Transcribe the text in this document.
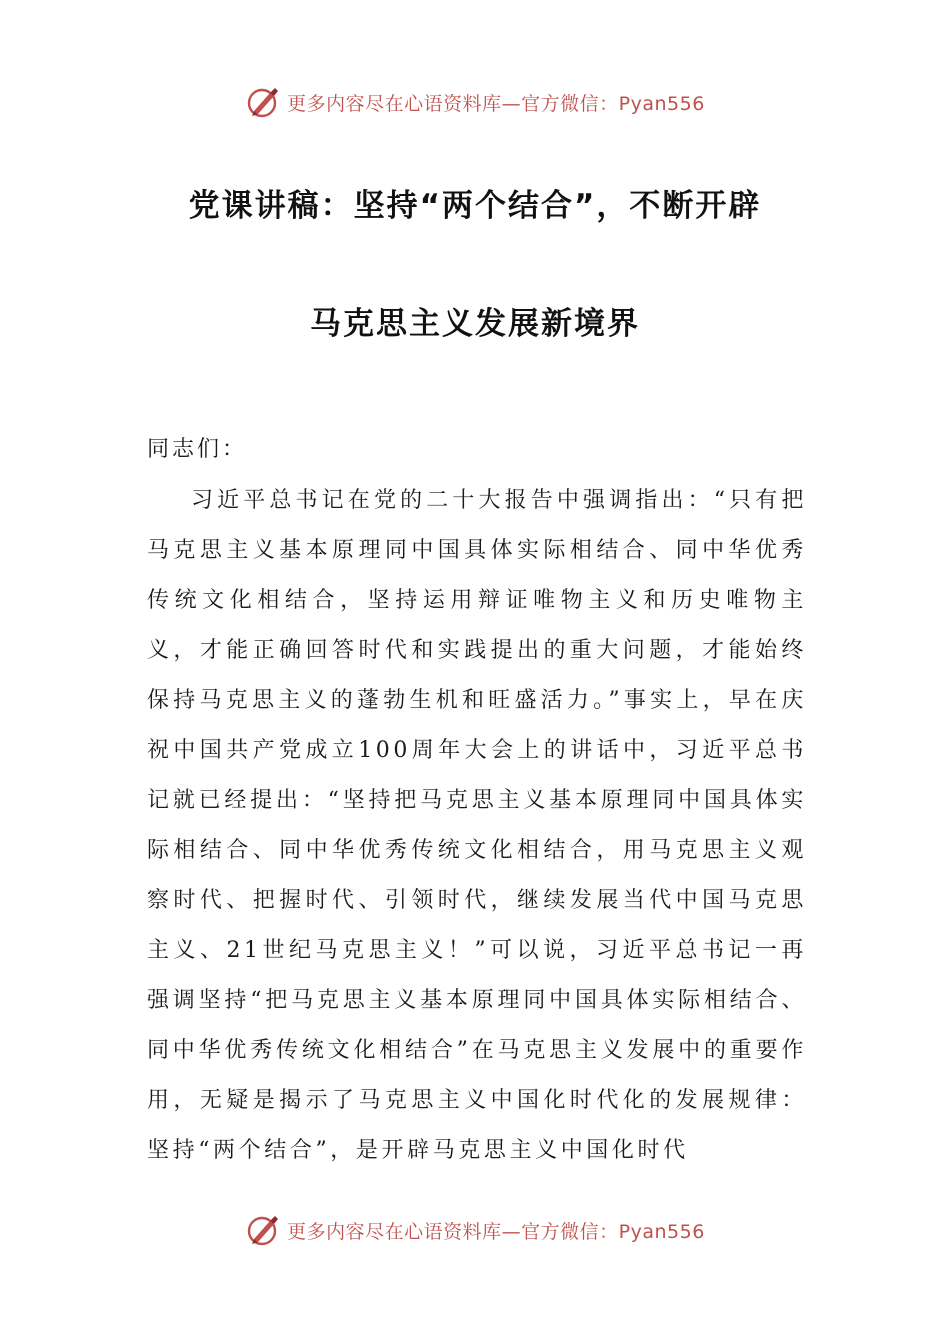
更多内容尽在心语资料库—官方微信：Pyan556
党课讲稿：坚持“两个结合”，不断开辟
马克思主义发展新境界
同志们：

习近平总书记在党的二十大报告中强调指出：“只有把马克思主义基本原理同中国具体实际相结合、同中华优秀传统文化相结合，坚持运用辩证唯物主义和历史唯物主义，才能正确回答时代和实践提出的重大问题，才能始终保持马克思主义的蓬勃生机和旺盛活力。”事实上，早在庆祝中国共产党成立100周年大会上的讲话中，习近平总书记就已经提出：“坚持把马克思主义基本原理同中国具体实际相结合、同中华优秀传统文化相结合，用马克思主义观察时代、把握时代、引领时代，继续发展当代中国马克思主义、21世纪马克思主义！”可以说，习近平总书记一再强调坚持“把马克思主义基本原理同中国具体实际相结合、同中华优秀传统文化相结合”在马克思主义发展中的重要作用，无疑是揭示了马克思主义中国化时代化的发展规律：坚持“两个结合”，是开辟马克思主义中国化时代

更多内容尽在心语资料库—官方微信：Pyan556
